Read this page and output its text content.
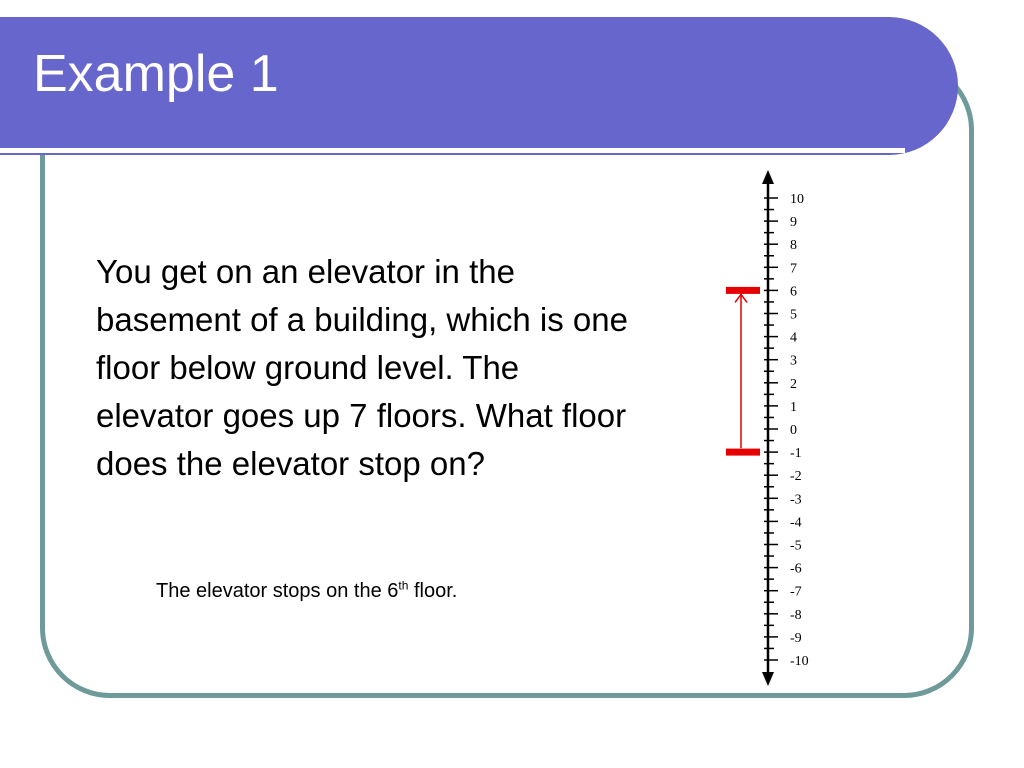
Example 1

You get on an elevator in the basement of a building, which is one floor below ground level. The elevator goes up 7 floors. What floor does the elevator stop on?

The elevator stops on the 6th floor.

10
9
8
7
6
5
4
3
2
1
0
-1
-2
-3
-4
-5
-6
-7
-8
-9
-10
